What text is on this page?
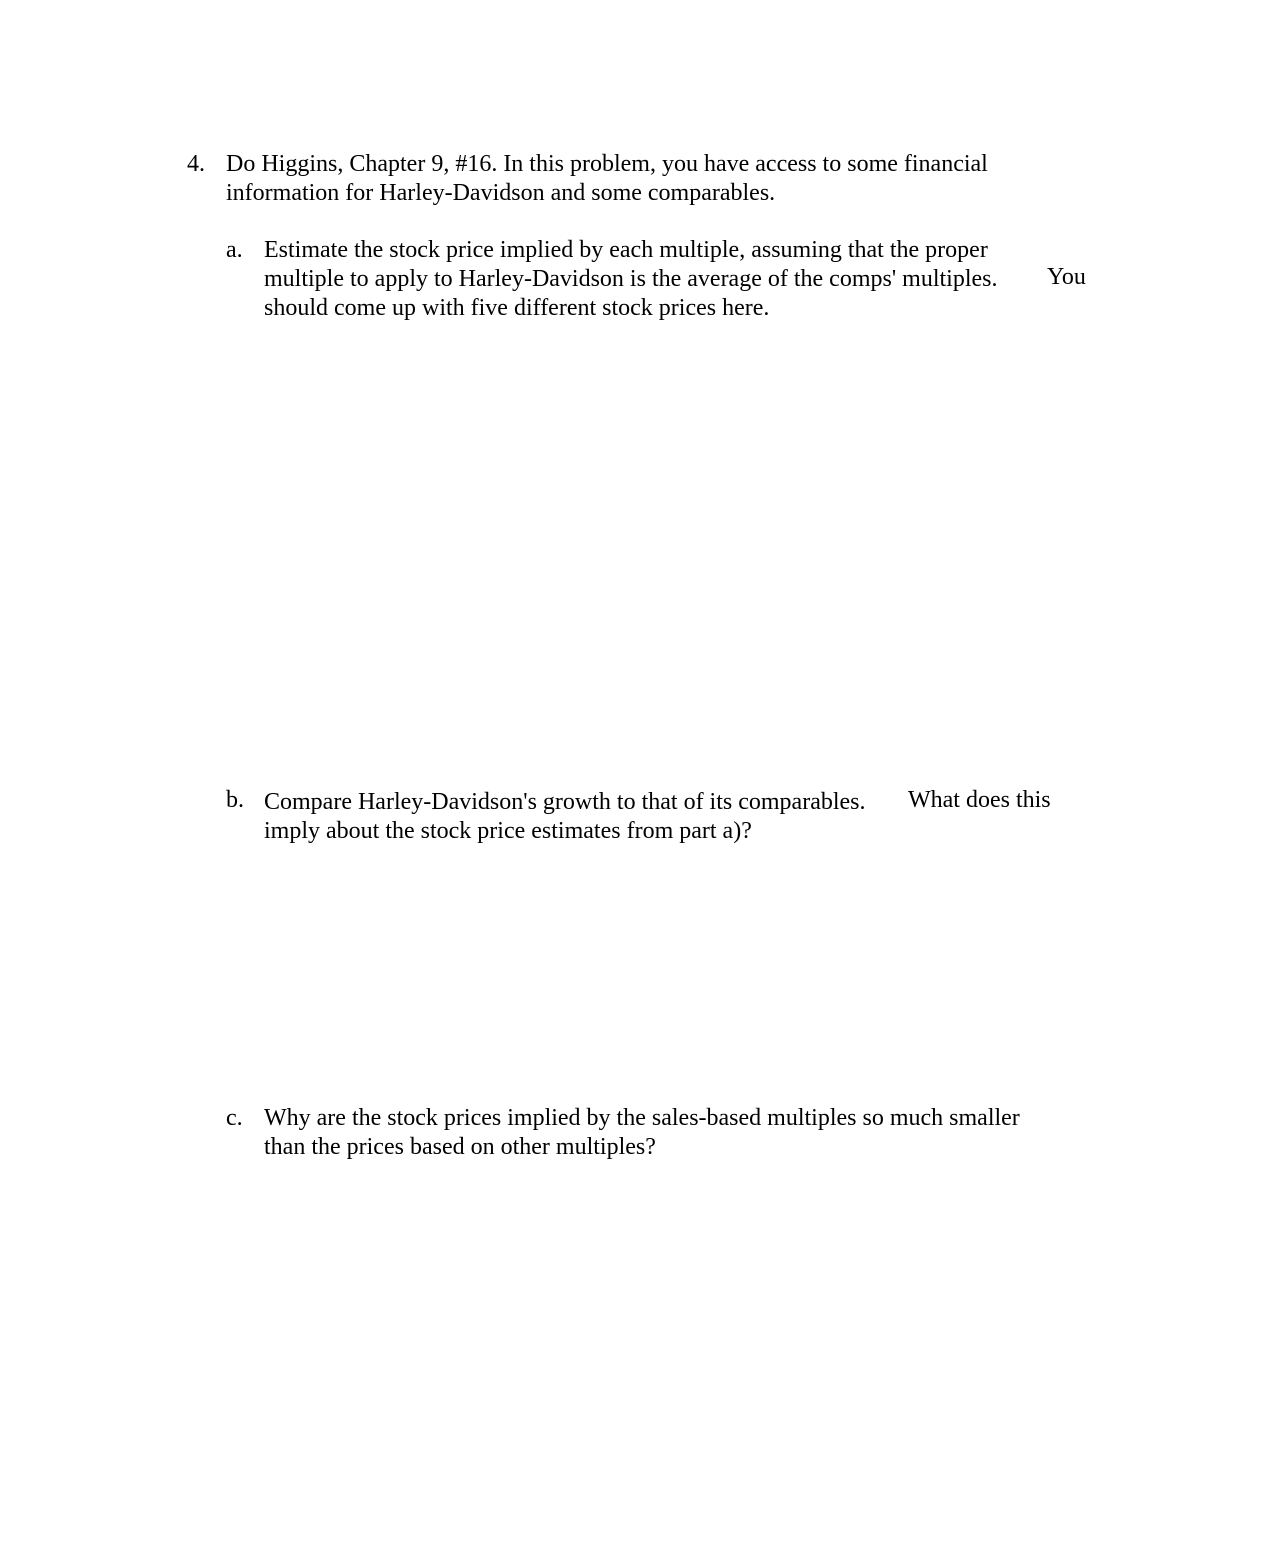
4. Do Higgins, Chapter 9, #16. In this problem, you have access to some financial
information for Harley-Davidson and some comparables.
a. Estimate the stock price implied by each multiple, assuming that the proper
multiple to apply to Harley-Davidson is the average of the comps' multiples. You
should come up with five different stock prices here.
b. Compare Harley-Davidson's growth to that of its comparables. What does this
imply about the stock price estimates from part a)?
c. Why are the stock prices implied by the sales-based multiples so much smaller
than the prices based on other multiples?
